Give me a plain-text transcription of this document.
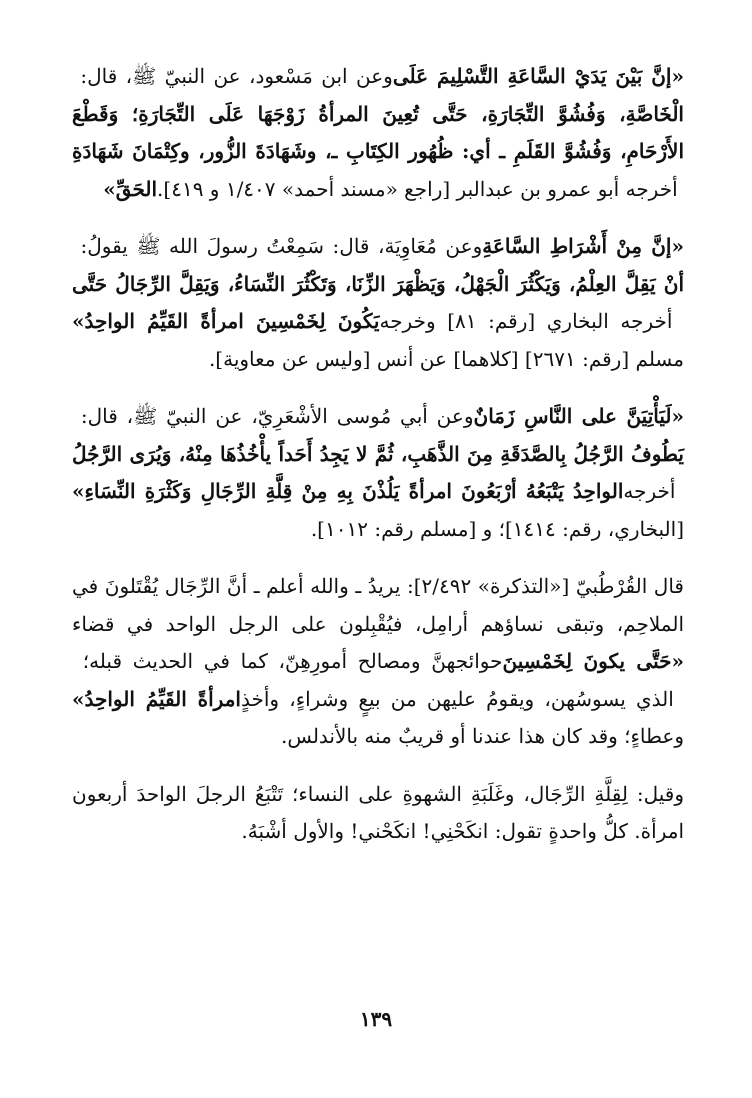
وعن ابن مَسْعود، عن النبيّ ﷺ، قال: «إنَّ بَيْنَ يَدَيْ السَّاعَةِ التَّسْلِيمَ عَلَى الْخَاصَّةِ، وَفُشُوَّ التِّجَارَةِ، حَتَّى تُعِينَ المرأةُ زَوْجَهَا عَلَى التِّجَارَةِ؛ وَقَطْعَ الأَرْحَامِ، وَفُشُوَّ القَلَمِ ـ أي: ظُهُور الكِتَابِ ـ، وشَهَادَةَ الزُّور، وكِتْمَانَ شَهَادَةِ الحَقِّ» أخرجه أبو عمرو بن عبدالبر [راجع «مسند أحمد» ١/٤٠٧ و ٤١٩].

وعن مُعَاوِيَة، قال: سَمِعْتُ رسولَ الله ﷺ يقولُ: «إنَّ مِنْ أَشْرَاطِ السَّاعَةِ أنْ يَقِلَّ العِلْمُ، وَيَكْثُرَ الْجَهْلُ، وَيَظْهَرَ الزِّنَا، وَتَكْثُرَ النِّسَاءُ، وَيَقِلَّ الرِّجَالُ حَتَّى يَكُونَ لِخَمْسِينَ امرأةً القَيِّمُ الواحِدُ» أخرجه البخاري [رقم: ٨١] وخرجه مسلم [رقم: ٢٦٧١] [كلاهما] عن أنس [وليس عن معاوية].

وعن أبي مُوسى الأشْعَرِيّ، عن النبيّ ﷺ، قال: «لَيَأْتِيَنَّ على النَّاسِ زَمَانٌ يَطُوفُ الرَّجُلُ بِالصَّدَقَةِ مِنَ الذَّهَبِ، ثُمَّ لا يَجِدُ أَحَداً يأْخُذُهَا مِنْهُ، وَيُرَى الرَّجُلُ الواحِدُ يَتْبَعُهُ أرْبَعُونَ امرأةً يَلُذْنَ بِهِ مِنْ قِلَّةِ الرِّجَالِ وَكَثْرَةِ النِّسَاءِ» أخرجه [البخاري، رقم: ١٤١٤]؛ و [مسلم رقم: ١٠١٢].

قال القُرْطُبيّ [«التذكرة» ٢/٤٩٢]: يريدُ ـ والله أعلم ـ أنَّ الرِّجَال يُقْتَلونَ في الملاحِم، وتبقى نساؤهم أرامِل، فيُقْبِلون على الرجل الواحد في قضاء حوائجهنَّ ومصالح أمورِهِنّ، كما في الحديث قبله؛ «حَتَّى يكونَ لِخَمْسِينَ امرأةً القَيِّمُ الواحِدُ» الذي يسوسُهن، ويقومُ عليهن من بيعٍ وشراءٍ، وأخذٍ وعطاءٍ؛ وقد كان هذا عندنا أو قريبٌ منه بالأندلس.

وقيل: لِقِلَّةِ الرِّجَال، وغَلَبَةِ الشهوةِ على النساء؛ تَتْبَعُ الرجلَ الواحدَ أربعون امرأة. كلُّ واحدةٍ تقول: انكَحْنِي! انكَحْني! والأول أشْبَهُ.

١٣٩
